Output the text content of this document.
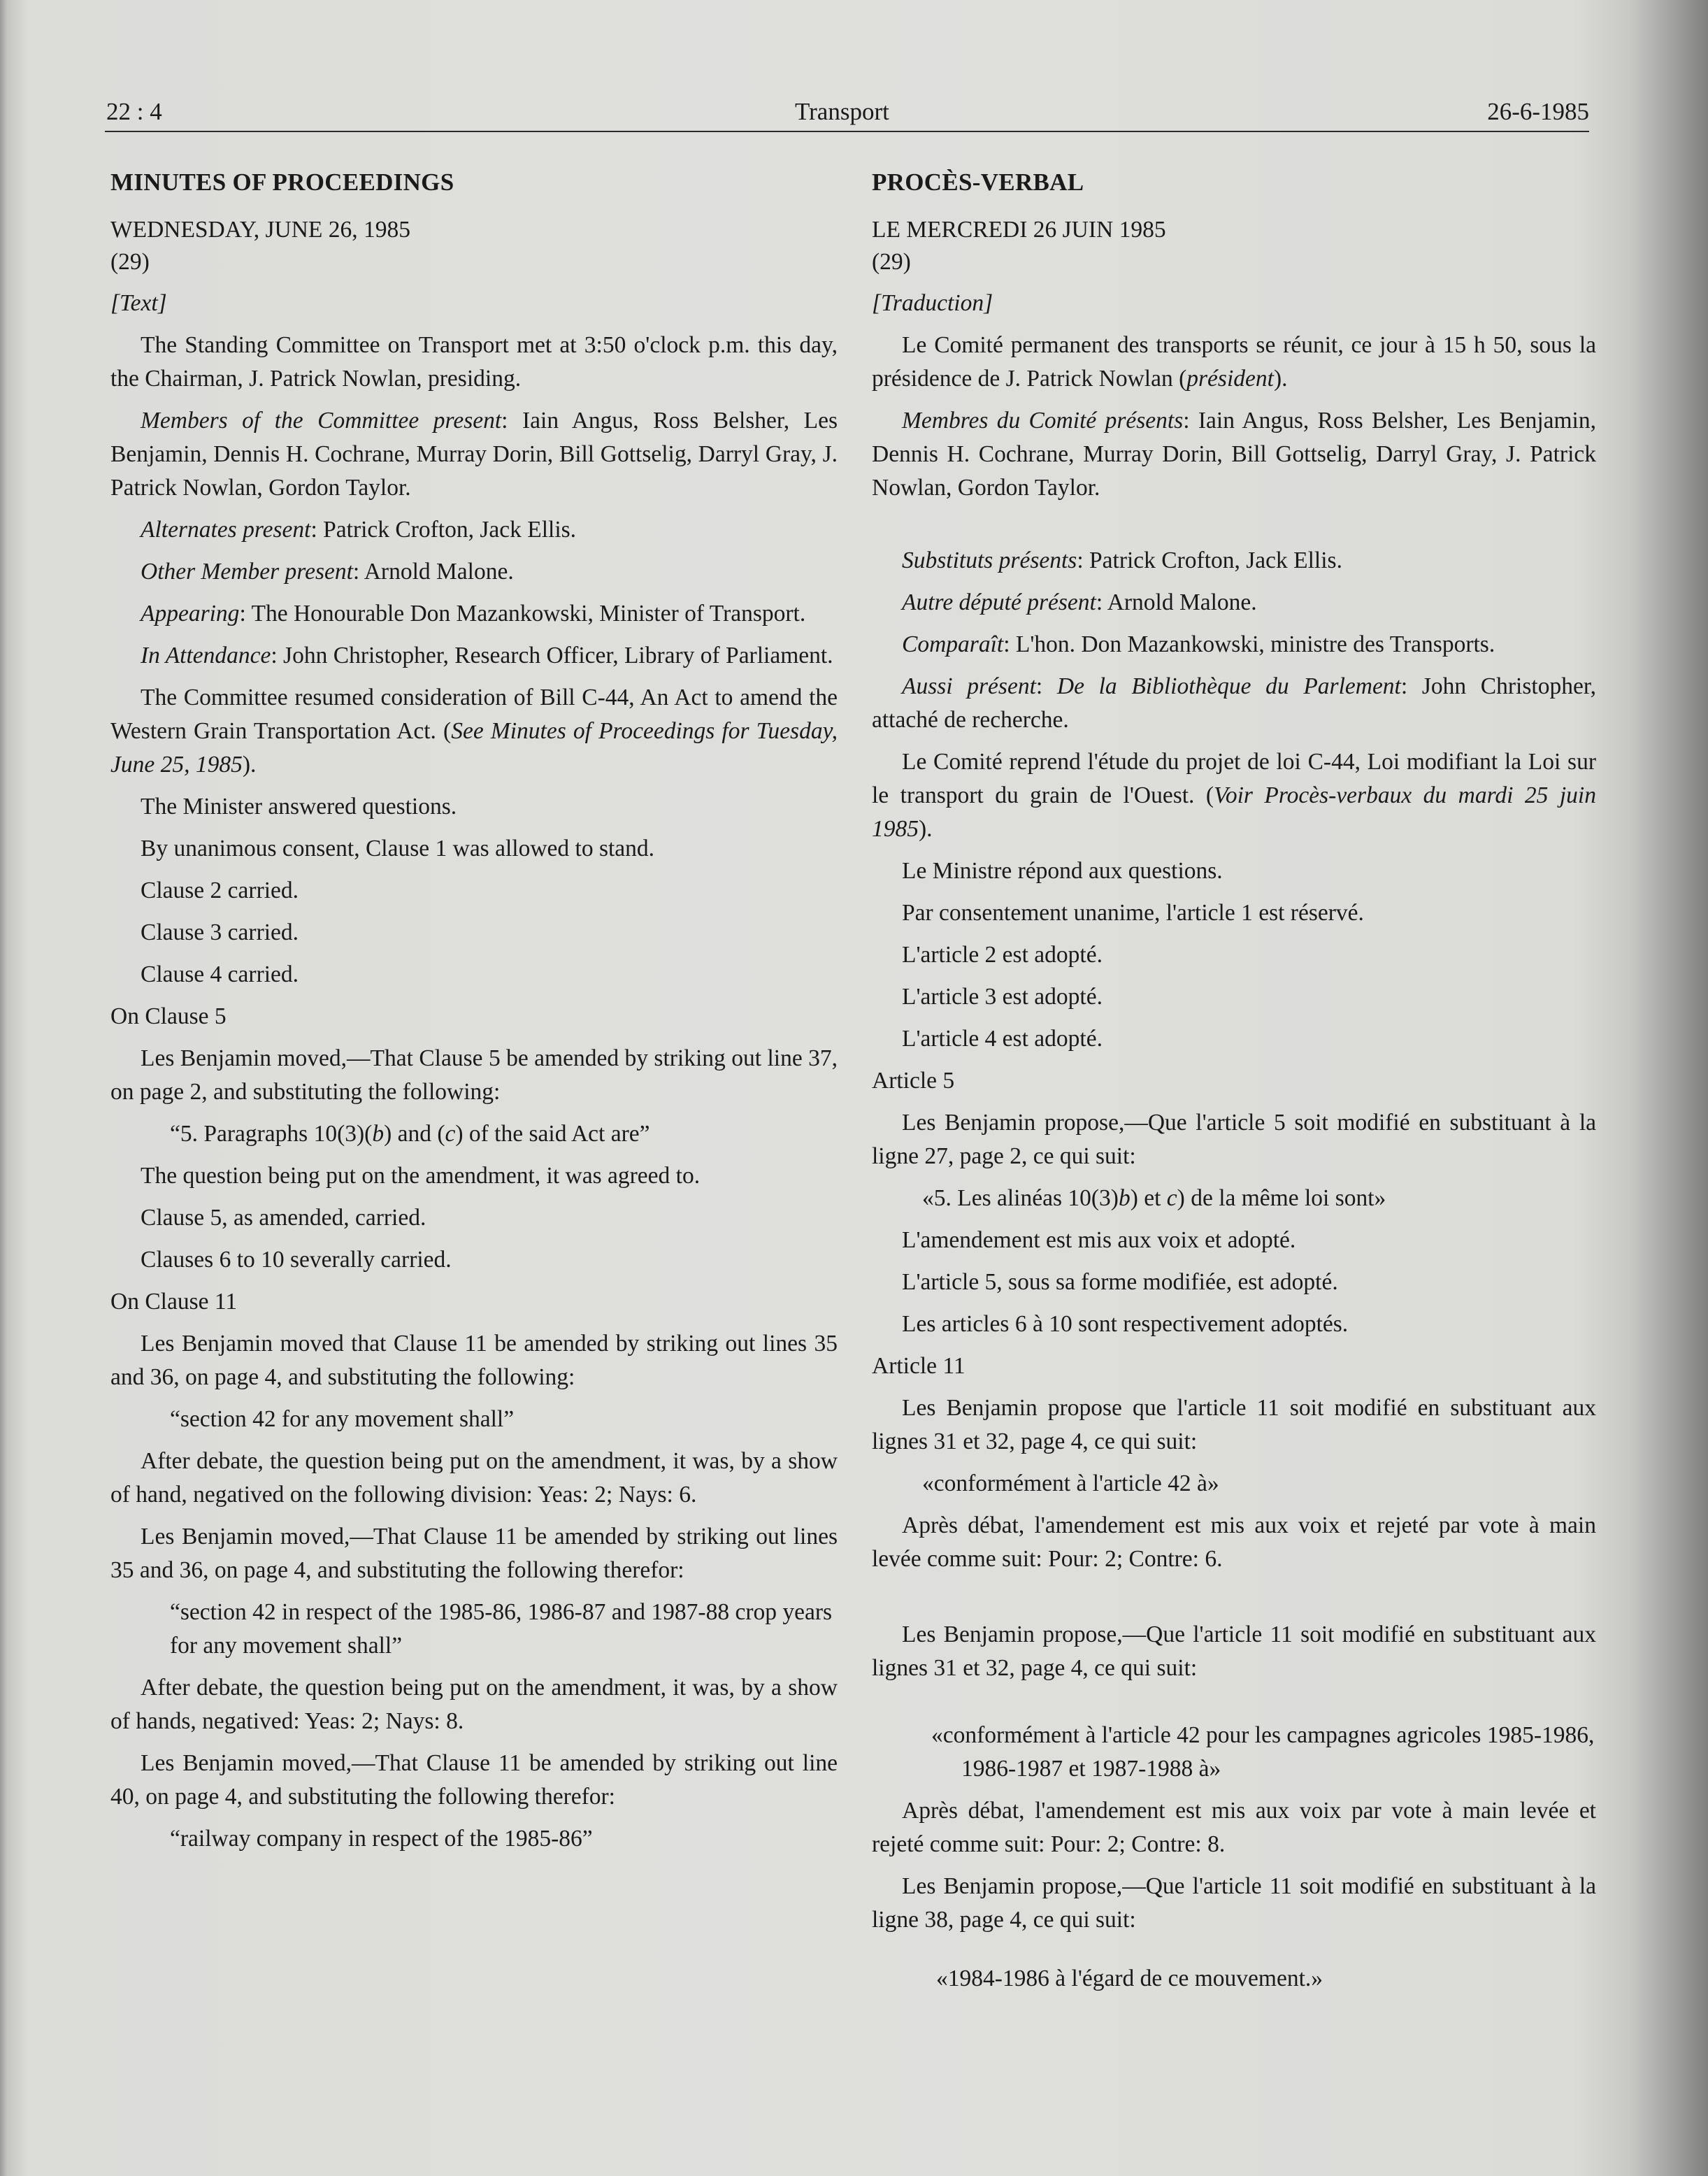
22 : 4	Transport	26-6-1985
MINUTES OF PROCEEDINGS
WEDNESDAY, JUNE 26, 1985
(29)

[Text]

The Standing Committee on Transport met at 3:50 o'clock p.m. this day, the Chairman, J. Patrick Nowlan, presiding.

Members of the Committee present: Iain Angus, Ross Belsher, Les Benjamin, Dennis H. Cochrane, Murray Dorin, Bill Gottselig, Darryl Gray, J. Patrick Nowlan, Gordon Taylor.

Alternates present: Patrick Crofton, Jack Ellis.

Other Member present: Arnold Malone.

Appearing: The Honourable Don Mazankowski, Minister of Transport.

In Attendance: John Christopher, Research Officer, Library of Parliament.

The Committee resumed consideration of Bill C-44, An Act to amend the Western Grain Transportation Act. (See Minutes of Proceedings for Tuesday, June 25, 1985).

The Minister answered questions.

By unanimous consent, Clause 1 was allowed to stand.

Clause 2 carried.

Clause 3 carried.

Clause 4 carried.

On Clause 5

Les Benjamin moved,—That Clause 5 be amended by striking out line 37, on page 2, and substituting the following:

“5. Paragraphs 10(3)(b) and (c) of the said Act are”

The question being put on the amendment, it was agreed to.

Clause 5, as amended, carried.

Clauses 6 to 10 severally carried.

On Clause 11

Les Benjamin moved that Clause 11 be amended by striking out lines 35 and 36, on page 4, and substituting the following:

“section 42 for any movement shall”

After debate, the question being put on the amendment, it was, by a show of hand, negatived on the following division: Yeas: 2; Nays: 6.

Les Benjamin moved,—That Clause 11 be amended by striking out lines 35 and 36, on page 4, and substituting the following therefor:

“section 42 in respect of the 1985-86, 1986-87 and 1987-88 crop years for any movement shall”

After debate, the question being put on the amendment, it was, by a show of hands, negatived: Yeas: 2; Nays: 8.

Les Benjamin moved,—That Clause 11 be amended by striking out line 40, on page 4, and substituting the following therefor:

“railway company in respect of the 1985-86”

PROCÈS-VERBAL
LE MERCREDI 26 JUIN 1985
(29)

[Traduction]

Le Comité permanent des transports se réunit, ce jour à 15 h 50, sous la présidence de J. Patrick Nowlan (président).

Membres du Comité présents: Iain Angus, Ross Belsher, Les Benjamin, Dennis H. Cochrane, Murray Dorin, Bill Gottselig, Darryl Gray, J. Patrick Nowlan, Gordon Taylor.

Substituts présents: Patrick Crofton, Jack Ellis.

Autre député présent: Arnold Malone.

Comparaît: L'hon. Don Mazankowski, ministre des Transports.

Aussi présent: De la Bibliothèque du Parlement: John Christopher, attaché de recherche.

Le Comité reprend l'étude du projet de loi C-44, Loi modifiant la Loi sur le transport du grain de l'Ouest. (Voir Procès-verbaux du mardi 25 juin 1985).

Le Ministre répond aux questions.

Par consentement unanime, l'article 1 est réservé.

L'article 2 est adopté.

L'article 3 est adopté.

L'article 4 est adopté.

Article 5

Les Benjamin propose,—Que l'article 5 soit modifié en substituant à la ligne 27, page 2, ce qui suit:

«5. Les alinéas 10(3)b) et c) de la même loi sont»

L'amendement est mis aux voix et adopté.

L'article 5, sous sa forme modifiée, est adopté.

Les articles 6 à 10 sont respectivement adoptés.

Article 11

Les Benjamin propose que l'article 11 soit modifié en substituant aux lignes 31 et 32, page 4, ce qui suit:

«conformément à l'article 42 à»

Après débat, l'amendement est mis aux voix et rejeté par vote à main levée comme suit: Pour: 2; Contre: 6.

Les Benjamin propose,—Que l'article 11 soit modifié en substituant aux lignes 31 et 32, page 4, ce qui suit:

«conformément à l'article 42 pour les campagnes agricoles 1985-1986, 1986-1987 et 1987-1988 à»

Après débat, l'amendement est mis aux voix par vote à main levée et rejeté comme suit: Pour: 2; Contre: 8.

Les Benjamin propose,—Que l'article 11 soit modifié en substituant à la ligne 38, page 4, ce qui suit:

«1984-1986 à l'égard de ce mouvement.»
